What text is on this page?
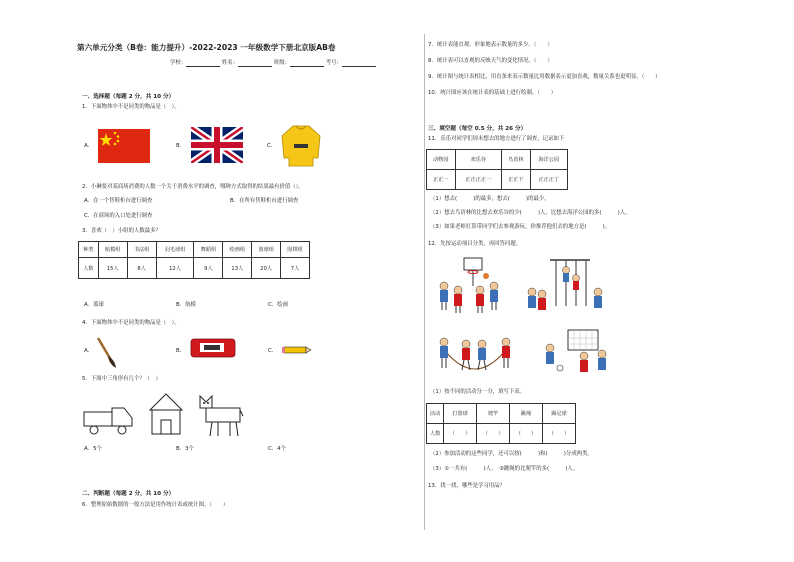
第六单元分类（B卷：能力提升）-2022-2023 一年级数学下册北京版AB卷
学校：	姓名：	班级：	考号：
一、选择题（每题 2 分，共 10 分）
1．下面物体中不是同类的物品是（　）。
A．	B．	C．
2．小琳要对某商场消费的人数一个关于消费水平的调查，哪种方式取得的结果最有价值（）。
A．在一个售鞋柜台进行调查	B．在所有售鞋柜台进行调查
C．在商场的入口处进行调查
3．喜欢（　）小组的人数最多？
种类	航模组	书法组	羽毛球组	舞蹈组	绘画组	篮球组	围棋组
人数	15人	8人	12人	9人	13人	20人	7人
A．篮球	B．航模	C．绘画
4．下面物体中不是同类的物品是（　）。
A．	B．	C．
5．下图中三角形有几个？（　）
A．5个	B．3个	C．4个
二、判断题（每题 2 分，共 10 分）
6．整理原始数据的一般方法是用作统计表或统计图。（　　）
7．统计表能直观、形象地表示数量的多少。（　　）
8．统计表可以直观的反映天气的变化情况。（　　）
9．统计图与统计表相比，用直条来表示数量比用数据表示更加直观，数量关系也更明显。（　　）
10．统计图应该在统计表的基础上进行绘制。（　　）
三、填空题（每空 0.5 分，共 26 分）
11．乐乐对同学们周末想去的地方进行了调查，记录如下
动物园	欢乐谷	鸟语林	海洋公园
正正一	正正正正一	正正下	正正正丁
（1）想去(　　　)的最多，想去(　　　)的最少。
（2）想去鸟语林的比想去欢乐谷的少(　　　)人，比想去海洋公园的多(　　　)人。
（3）如果老师打算带同学们去参观游玩，你推荐他们去的地方是(　　　)。
12．先按运动项目分类，再回答问题。
（1）按不同的活动分一分，填写下表。
活动	打篮球	爬竿	跳绳	踢足球
人数	（　　）	（　　）	（　　）	（　　）
（2）参加活动的这些同学，还可以按(　　　)和(　　　)分成两类。
（3）①一共有(　　　)人。　②跳绳的比爬竿的多(　　　)人。
13．找一找，哪些是学习用品？
